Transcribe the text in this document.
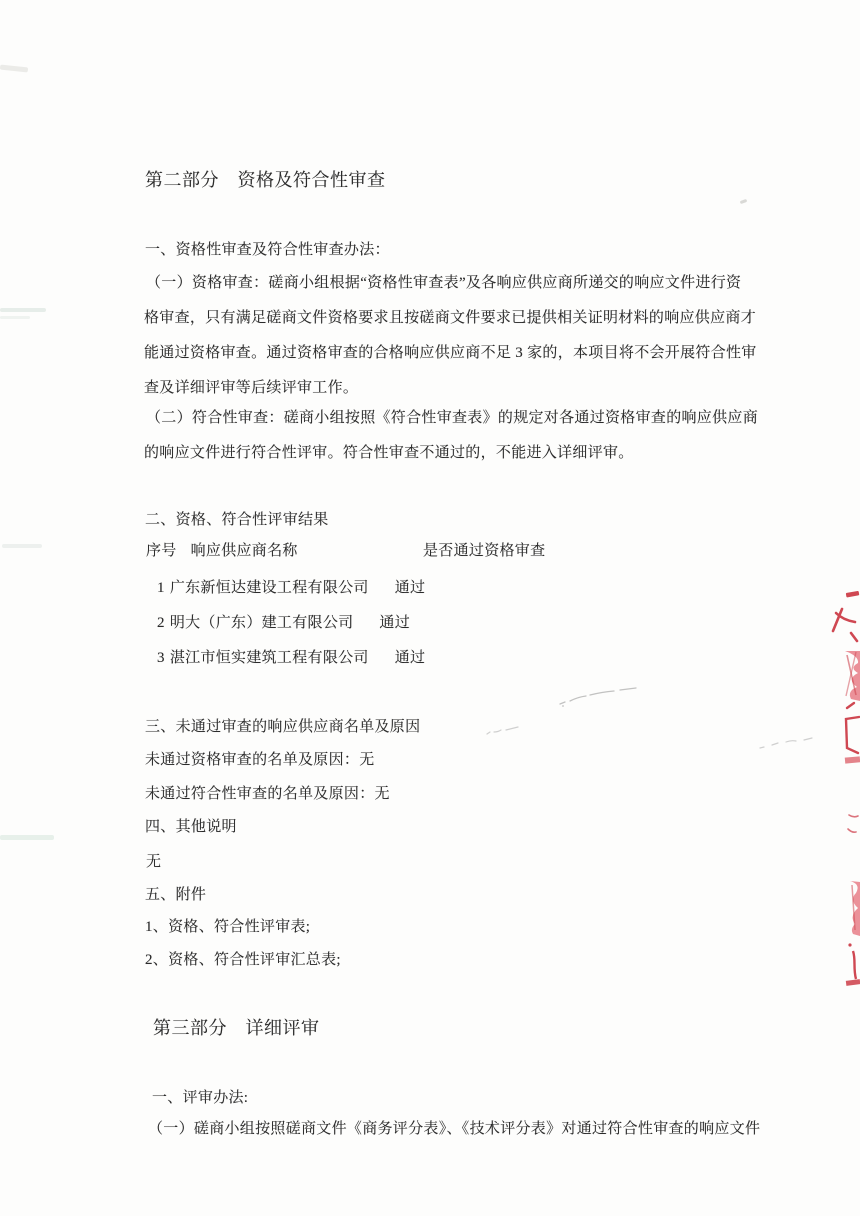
第二部分　资格及符合性审查
一、资格性审查及符合性审查办法：
（一）资格审查：磋商小组根据“资格性审查表”及各响应供应商所递交的响应文件进行资
格审查，只有满足磋商文件资格要求且按磋商文件要求已提供相关证明材料的响应供应商才
能通过资格审查。通过资格审查的合格响应供应商不足 3 家的，本项目将不会开展符合性审
查及详细评审等后续评审工作。
（二）符合性审查：磋商小组按照《符合性审查表》的规定对各通过资格审查的响应供应商
的响应文件进行符合性评审。符合性审查不通过的，不能进入详细评审。
二、资格、符合性评审结果
序号 响应供应商名称	是否通过资格审查
1 广东新恒达建设工程有限公司 通过
2 明大（广东）建工有限公司 通过
3 湛江市恒实建筑工程有限公司 通过
三、未通过审查的响应供应商名单及原因
未通过资格审查的名单及原因：无
未通过符合性审查的名单及原因：无
四、其他说明
无
五、附件
1、资格、符合性评审表;
2、资格、符合性评审汇总表;
第三部分　详细评审
一、评审办法:
（一）磋商小组按照磋商文件《商务评分表》、《技术评分表》对通过符合性审查的响应文件
